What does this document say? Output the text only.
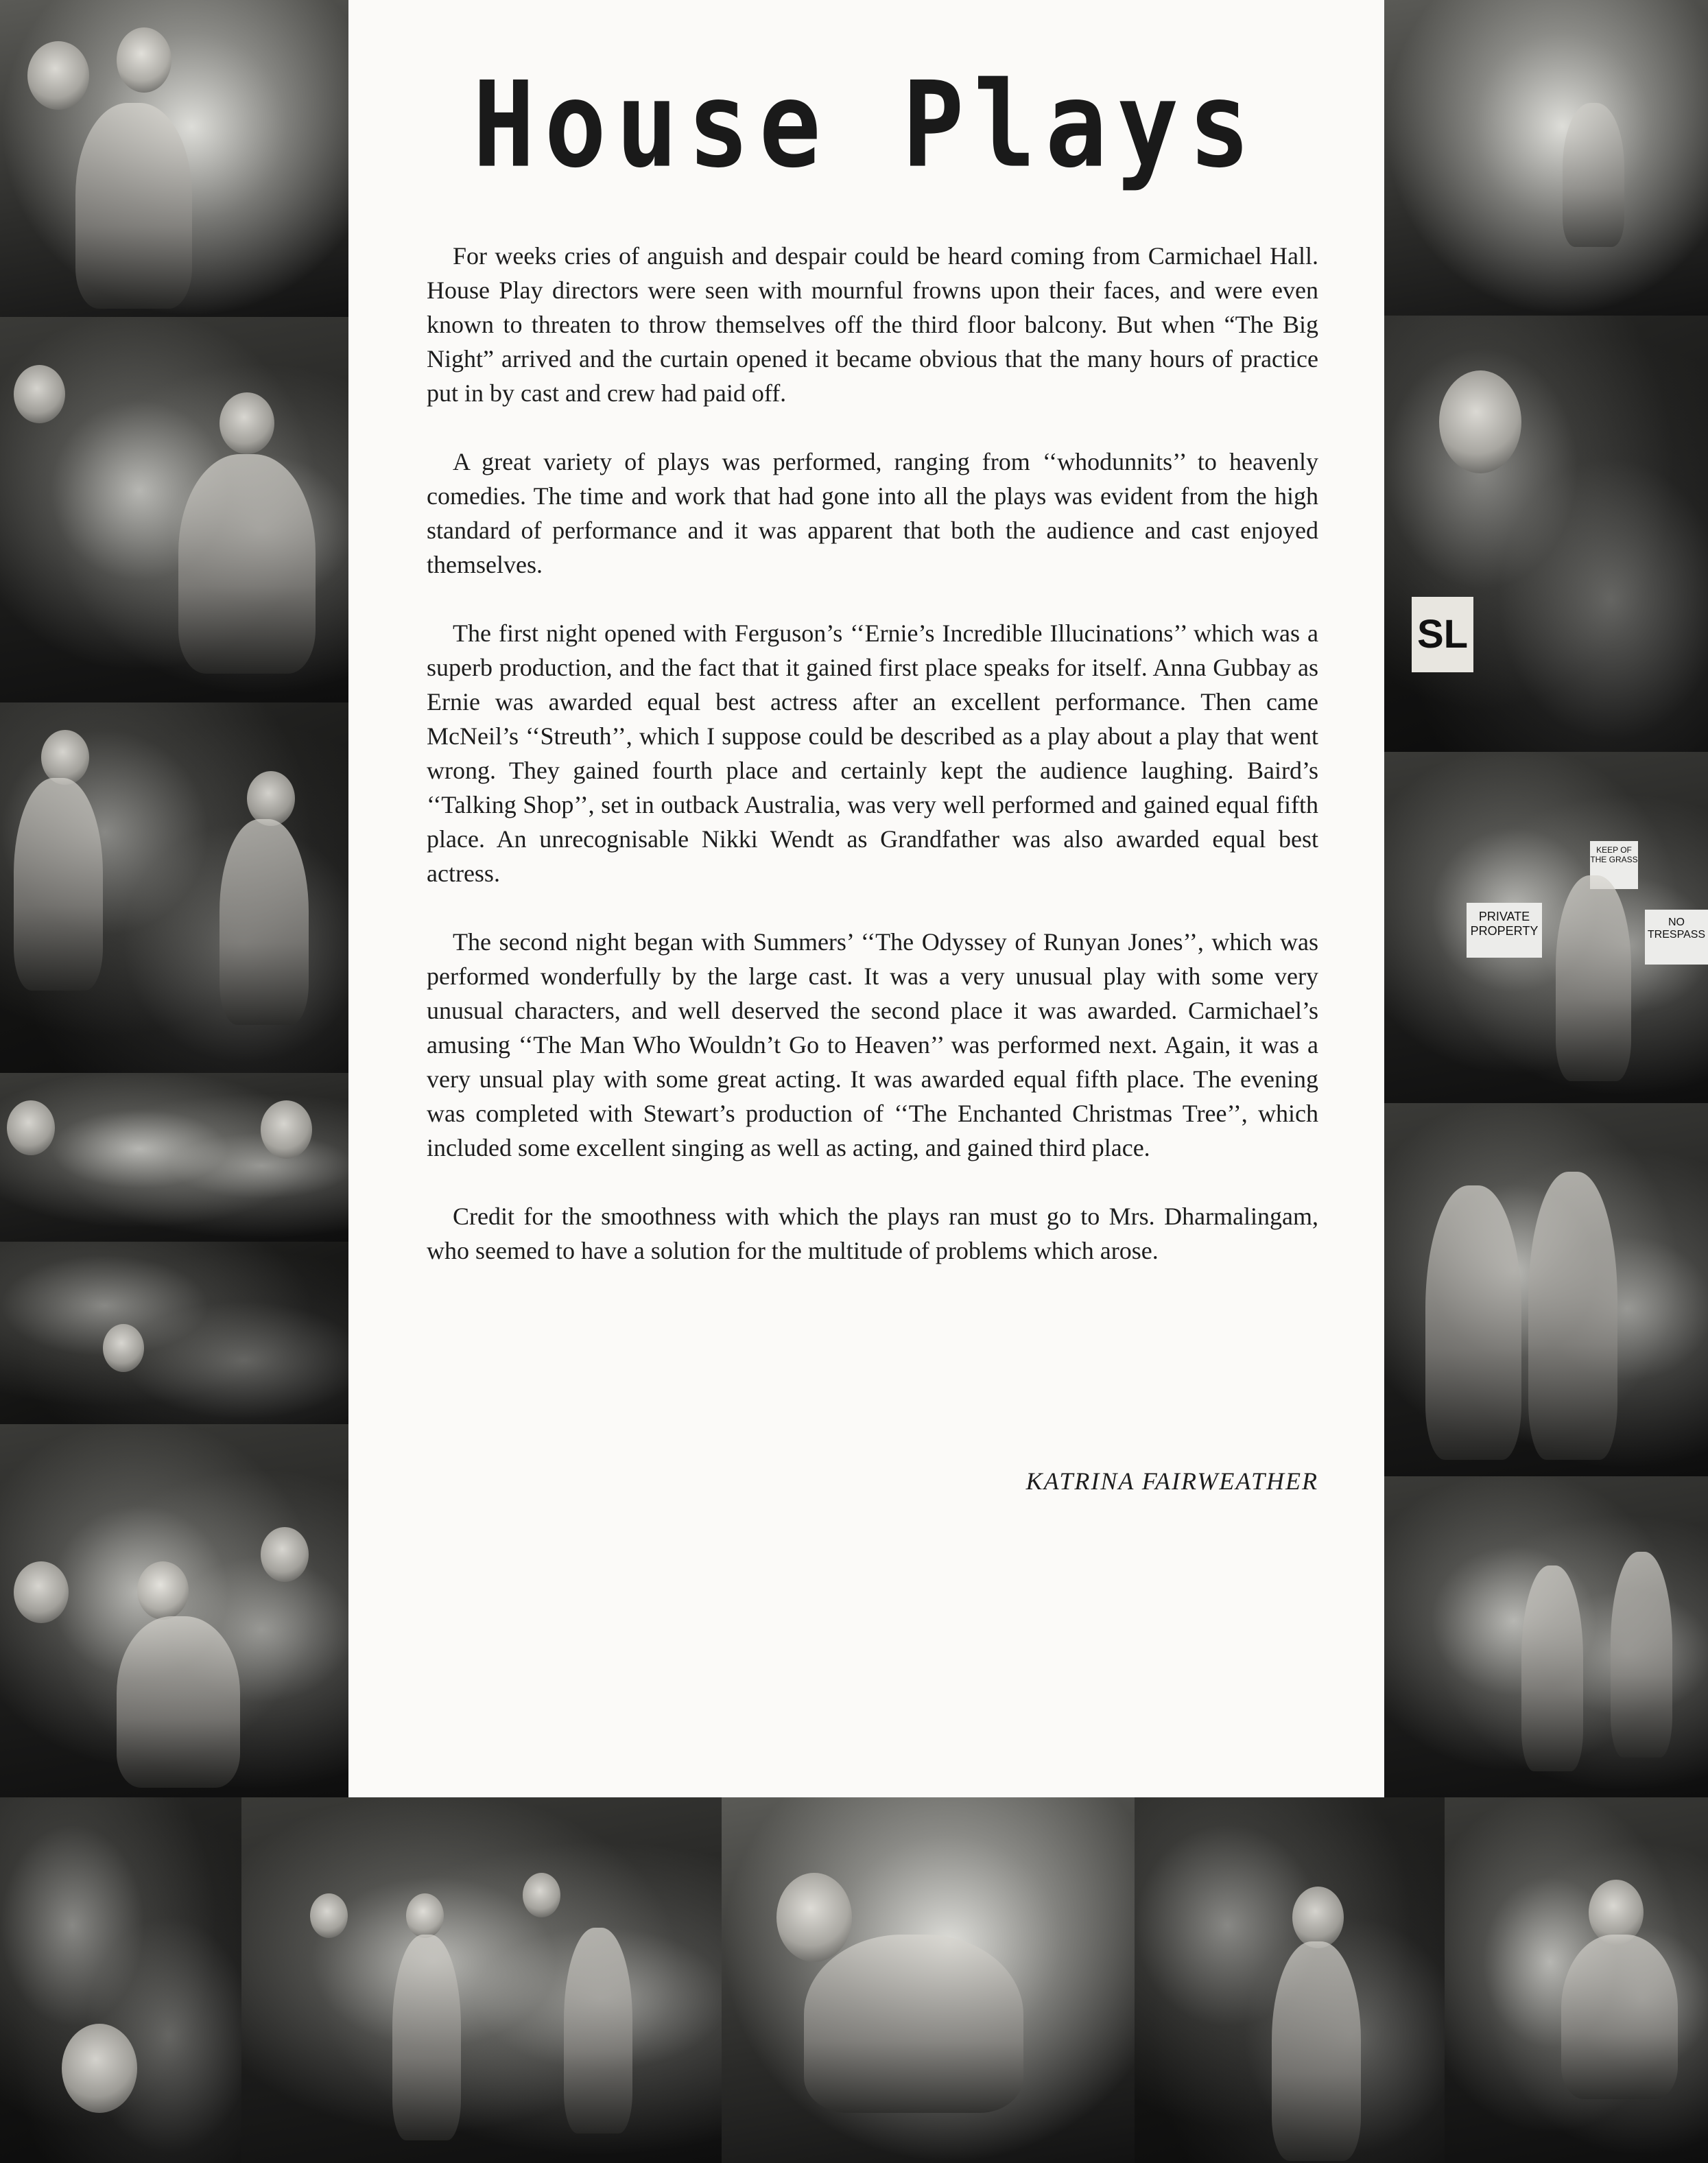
SL
PRIVATE PROPERTY
KEEP OF THE GRASS
NO TRESPASS
House Plays

For weeks cries of anguish and despair could be heard coming from Carmichael Hall. House Play directors were seen with mournful frowns upon their faces, and were even known to threaten to throw themselves off the third floor balcony. But when “The Big Night” arrived and the curtain opened it became obvious that the many hours of practice put in by cast and crew had paid off.

A great variety of plays was performed, ranging from ‘‘whodunnits’’ to heavenly comedies. The time and work that had gone into all the plays was evident from the high standard of performance and it was apparent that both the audience and cast enjoyed themselves.

The first night opened with Ferguson’s ‘‘Ernie’s Incredible Illucinations’’ which was a superb production, and the fact that it gained first place speaks for itself. Anna Gubbay as Ernie was awarded equal best actress after an excellent performance. Then came McNeil’s ‘‘Streuth’’, which I suppose could be described as a play about a play that went wrong. They gained fourth place and certainly kept the audience laughing. Baird’s ‘‘Talking Shop’’, set in outback Australia, was very well performed and gained equal fifth place. An unrecognisable Nikki Wendt as Grandfather was also awarded equal best actress.

The second night began with Summers’ ‘‘The Odyssey of Runyan Jones’’, which was performed wonderfully by the large cast. It was a very unusual play with some very unusual characters, and well deserved the second place it was awarded. Carmichael’s amusing ‘‘The Man Who Wouldn’t Go to Heaven’’ was performed next. Again, it was a very unsual play with some great acting. It was awarded equal fifth place. The evening was completed with Stewart’s production of ‘‘The Enchanted Christmas Tree’’, which included some excellent singing as well as acting, and gained third place.

Credit for the smoothness with which the plays ran must go to Mrs. Dharmalingam, who seemed to have a solution for the multitude of problems which arose.

KATRINA FAIRWEATHER
